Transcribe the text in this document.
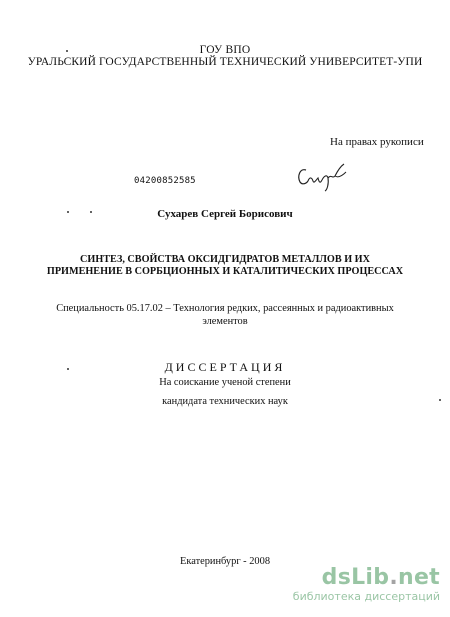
ГОУ ВПО
УРАЛЬСКИЙ ГОСУДАРСТВЕННЫЙ ТЕХНИЧЕСКИЙ УНИВЕРСИТЕТ-УПИ
На правах рукописи
04200852585
Сухарев Сергей Борисович
СИНТЕЗ, СВОЙСТВА ОКСИДГИДРАТОВ МЕТАЛЛОВ И ИХ
ПРИМЕНЕНИЕ В СОРБЦИОННЫХ И КАТАЛИТИЧЕСКИХ ПРОЦЕССАХ
Специальность 05.17.02 – Технология редких, рассеянных и радиоактивных
элементов
ДИССЕРТАЦИЯ
На соискание ученой степени
кандидата технических наук
Екатеринбург - 2008
dsLib.net
библиотека диссертаций
